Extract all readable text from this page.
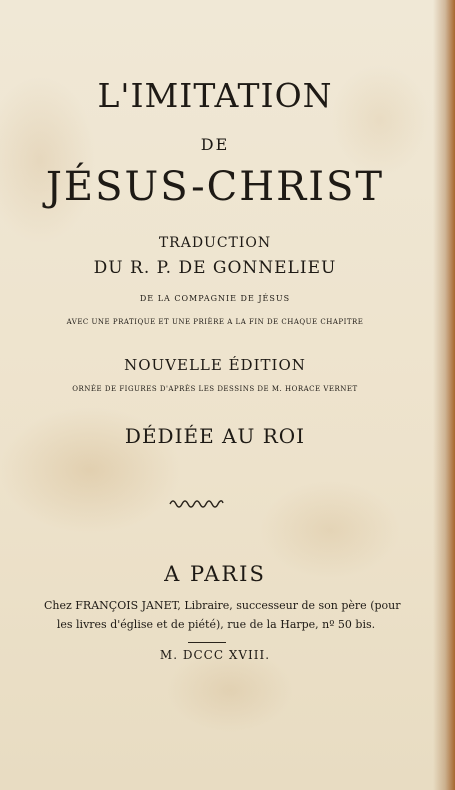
L'IMITATION
DE
JÉSUS-CHRIST
TRADUCTION
DU R. P. DE GONNELIEU
DE LA COMPAGNIE DE JÉSUS
AVEC UNE PRATIQUE ET UNE PRIÈRE A LA FIN DE CHAQUE CHAPITRE
NOUVELLE ÉDITION
ORNÉE DE FIGURES D'APRÈS LES DESSINS DE M. HORACE VERNET
DÉDIÉE AU ROI
A PARIS
Chez FRANÇOIS JANET, Libraire, successeur de son père (pour
les livres d'église et de piété), rue de la Harpe, nº 50 bis.
M. DCCC XVIII.
